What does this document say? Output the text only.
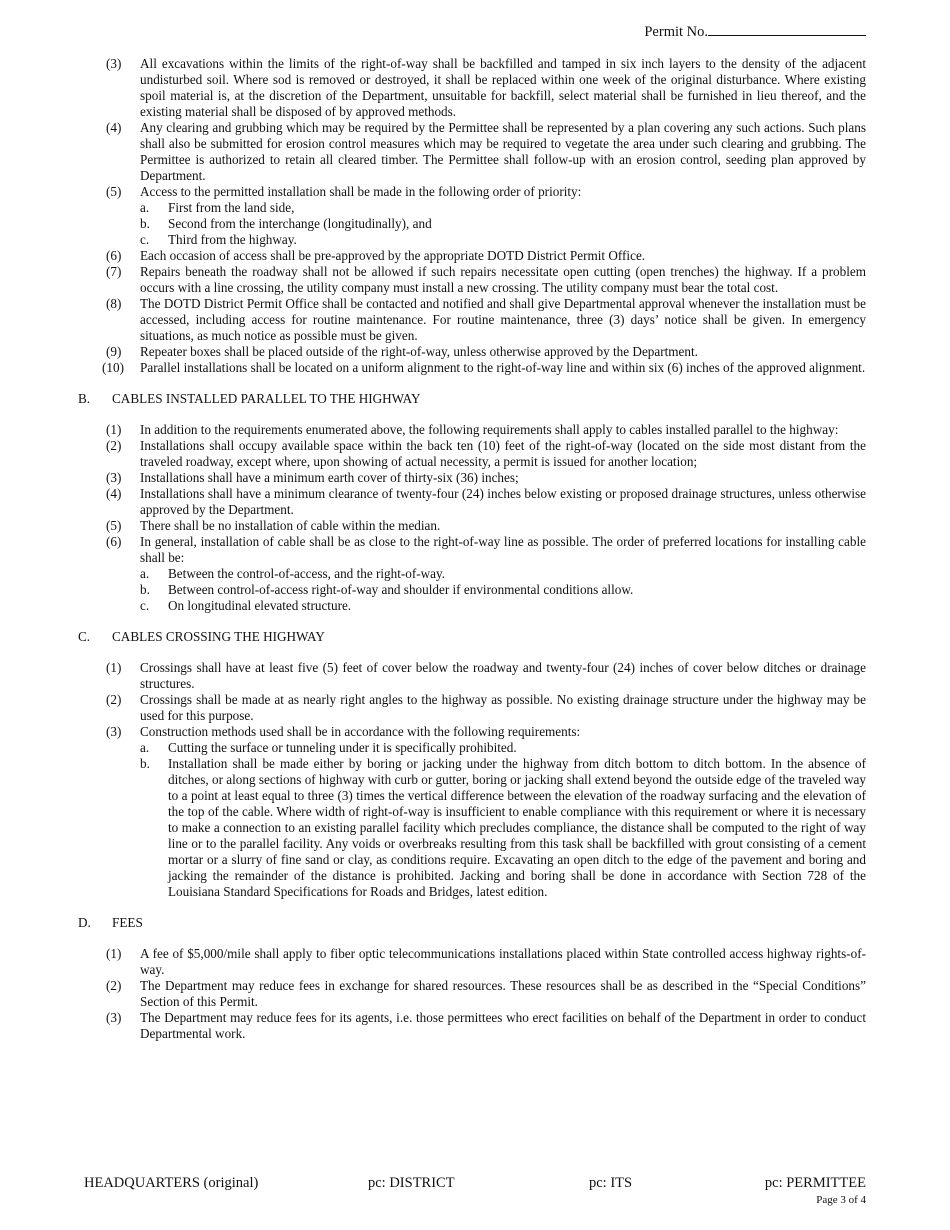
Permit No.
(3)	All excavations within the limits of the right-of-way shall be backfilled and tamped in six inch layers to the density of the adjacent undisturbed soil. Where sod is removed or destroyed, it shall be replaced within one week of the original disturbance. Where existing spoil material is, at the discretion of the Department, unsuitable for backfill, select material shall be furnished in lieu thereof, and the existing material shall be disposed of by approved methods.
(4)	Any clearing and grubbing which may be required by the Permittee shall be represented by a plan covering any such actions. Such plans shall also be submitted for erosion control measures which may be required to vegetate the area under such clearing and grubbing. The Permittee is authorized to retain all cleared timber. The Permittee shall follow-up with an erosion control, seeding plan approved by Department.
(5)	Access to the permitted installation shall be made in the following order of priority:
a. First from the land side,
b. Second from the interchange (longitudinally), and
c. Third from the highway.
(6)	Each occasion of access shall be pre-approved by the appropriate DOTD District Permit Office.
(7)	Repairs beneath the roadway shall not be allowed if such repairs necessitate open cutting (open trenches) the highway. If a problem occurs with a line crossing, the utility company must install a new crossing. The utility company must bear the total cost.
(8)	The DOTD District Permit Office shall be contacted and notified and shall give Departmental approval whenever the installation must be accessed, including access for routine maintenance. For routine maintenance, three (3) days’ notice shall be given. In emergency situations, as much notice as possible must be given.
(9)	Repeater boxes shall be placed outside of the right-of-way, unless otherwise approved by the Department.
(10)	Parallel installations shall be located on a uniform alignment to the right-of-way line and within six (6) inches of the approved alignment.
B. CABLES INSTALLED PARALLEL TO THE HIGHWAY
(1)	In addition to the requirements enumerated above, the following requirements shall apply to cables installed parallel to the highway:
(2)	Installations shall occupy available space within the back ten (10) feet of the right-of-way (located on the side most distant from the traveled roadway, except where, upon showing of actual necessity, a permit is issued for another location;
(3)	Installations shall have a minimum earth cover of thirty-six (36) inches;
(4)	Installations shall have a minimum clearance of twenty-four (24) inches below existing or proposed drainage structures, unless otherwise approved by the Department.
(5)	There shall be no installation of cable within the median.
(6)	In general, installation of cable shall be as close to the right-of-way line as possible. The order of preferred locations for installing cable shall be:
a. Between the control-of-access, and the right-of-way.
b. Between control-of-access right-of-way and shoulder if environmental conditions allow.
c. On longitudinal elevated structure.
C. CABLES CROSSING THE HIGHWAY
(1)	Crossings shall have at least five (5) feet of cover below the roadway and twenty-four (24) inches of cover below ditches or drainage structures.
(2)	Crossings shall be made at as nearly right angles to the highway as possible. No existing drainage structure under the highway may be used for this purpose.
(3)	Construction methods used shall be in accordance with the following requirements:
a. Cutting the surface or tunneling under it is specifically prohibited.
b. Installation shall be made either by boring or jacking under the highway from ditch bottom to ditch bottom. In the absence of ditches, or along sections of highway with curb or gutter, boring or jacking shall extend beyond the outside edge of the traveled way to a point at least equal to three (3) times the vertical difference between the elevation of the roadway surfacing and the elevation of the top of the cable. Where width of right-of-way is insufficient to enable compliance with this requirement or where it is necessary to make a connection to an existing parallel facility which precludes compliance, the distance shall be computed to the right of way line or to the parallel facility. Any voids or overbreaks resulting from this task shall be backfilled with grout consisting of a cement mortar or a slurry of fine sand or clay, as conditions require. Excavating an open ditch to the edge of the pavement and boring and jacking the remainder of the distance is prohibited. Jacking and boring shall be done in accordance with Section 728 of the Louisiana Standard Specifications for Roads and Bridges, latest edition.
D. FEES
(1)	A fee of $5,000/mile shall apply to fiber optic telecommunications installations placed within State controlled access highway rights-of-way.
(2)	The Department may reduce fees in exchange for shared resources. These resources shall be as described in the “Special Conditions” Section of this Permit.
(3)	The Department may reduce fees for its agents, i.e. those permittees who erect facilities on behalf of the Department in order to conduct Departmental work.
HEADQUARTERS (original)	pc: DISTRICT	pc: ITS	pc: PERMITTEE
Page 3 of 4
